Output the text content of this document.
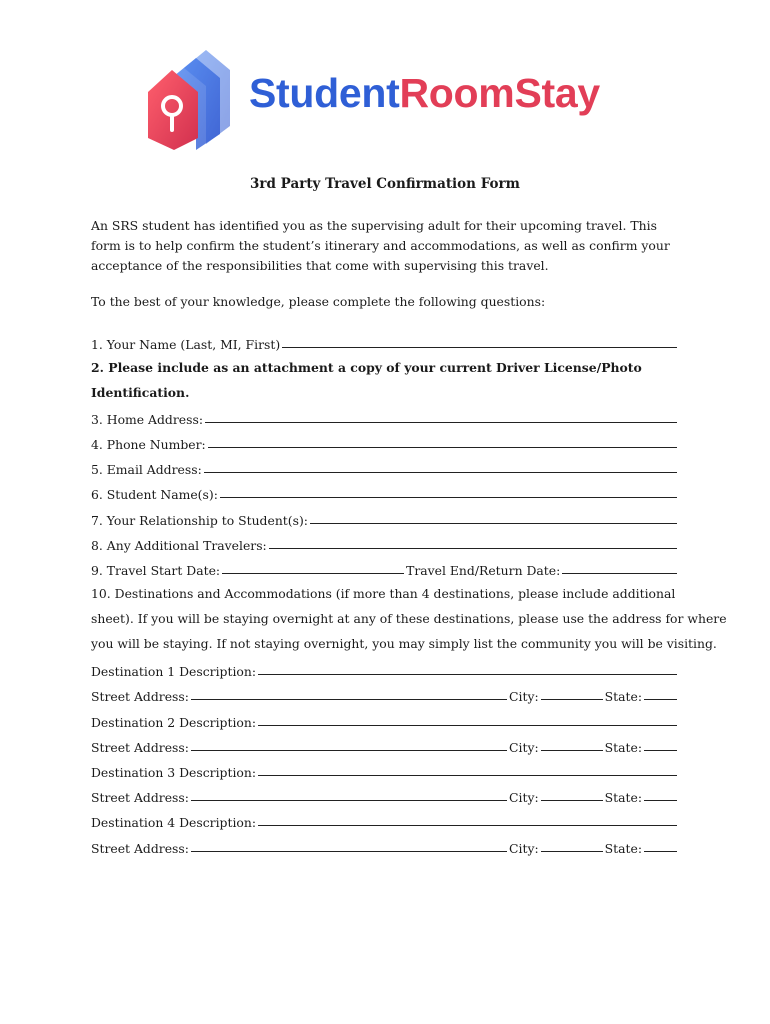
StudentRoomStay
3rd Party Travel Confirmation Form
An SRS student has identified you as the supervising adult for their upcoming travel. This form is to help confirm the student’s itinerary and accommodations, as well as confirm your acceptance of the responsibilities that come with supervising this travel.
To the best of your knowledge, please complete the following questions:
1. Your Name (Last, MI, First)
2. Please include as an attachment a copy of your current Driver License/Photo
Identification.
3. Home Address:
4. Phone Number:
5. Email Address:
6. Student Name(s):
7. Your Relationship to Student(s):
8. Any Additional Travelers:
9. Travel Start Date:	Travel End/Return Date:
10. Destinations and Accommodations (if more than 4 destinations, please include additional
sheet). If you will be staying overnight at any of these destinations, please use the address for where
you will be staying. If not staying overnight, you may simply list the community you will be visiting.
Destination 1 Description:
Street Address:	City:	State:
Destination 2 Description:
Street Address:	City:	State:
Destination 3 Description:
Street Address:	City:	State:
Destination 4 Description:
Street Address:	City:	State:
